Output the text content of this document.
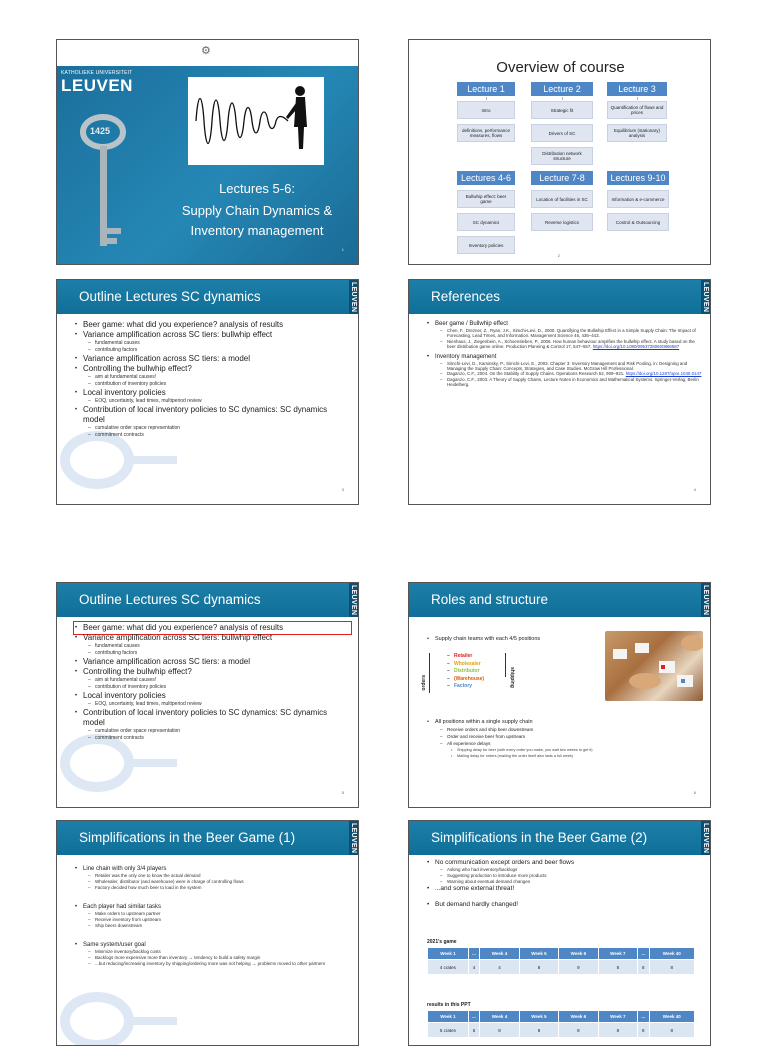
⚙
KATHOLIEKE UNIVERSITEIT
LEUVEN
1425
Lectures 5-6:
Supply Chain Dynamics &
Inventory management
1
Overview of course
Lecture 1	Lecture 2	Lecture 3
Intro
definitions, performance measures, flows
Strategic fit
Drivers of SC
Distribution network structure
Quantification of flows and prices
Equilibrium (stationary) analysis
Lectures 4-6	Lecture 7-8	Lectures 9-10
Bullwhip effect: beer game
SC dynamics
Inventory policies
Location of facilities in SC
Reverse logistics
Information & e-commerce
Control & Outsourcing
2
Outline Lectures SC dynamics	LEUVEN
• Beer game: what did you experience? analysis of results
• Variance amplification across SC tiers: bullwhip effect
– fundamental causes
– contributing factors
• Variance amplification across SC tiers: a model
• Controlling the bullwhip effect?
– aim at fundamental causes!
– contribution of inventory policies
• Local inventory policies
– EOQ, uncertainty, lead times, multiperiod review
• Contribution of local inventory policies to SC dynamics: SC dynamics model
– cumulative order space representation
– commitment contracts
3
References	LEUVEN
• Beer game / Bullwhip effect
– Chen, F., Drezner, Z., Ryan, J.K., Simchi-Levi, D., 2000. Quantifying the Bullwhip Effect in a Simple Supply Chain: The Impact of Forecasting, Lead Times, and Information. Management Science 46, 436–443.
– Nienhaus, J., Ziegenbein, A., Schoensleben, P., 2006. How human behaviour amplifies the bullwhip effect. A study based on the beer distribution game online. Production Planning & Control 17, 547–557. https://doi.org/10.1080/09537280600866587
• Inventory management
– Simchi-Levi, D., Kaminsky, P., Simchi-Levi, E., 2003. Chapter 3: Inventory Management and Risk Pooling, in: Designing and Managing the Supply Chain: Concepts, Strategies, and Case Studies. McGraw Hill Professional.
– Daganzo, C.F., 2004. On the Stability of Supply Chains. Operations Research 52, 909–921. https://doi.org/10.1287/opre.1040.0147
– Daganzo, C.F., 2003. A Theory of Supply Chains, Lecture Notes in Economics and Mathematical Systems. Springer-Verlag, Berlin Heidelberg.
4
Outline Lectures SC dynamics	LEUVEN
• Beer game: what did you experience? analysis of results
• Variance amplification across SC tiers: bullwhip effect
– fundamental causes
– contributing factors
• Variance amplification across SC tiers: a model
• Controlling the bullwhip effect?
– aim at fundamental causes!
– contribution of inventory policies
• Local inventory policies
– EOQ, uncertainty, lead times, multiperiod review
• Contribution of local inventory policies to SC dynamics: SC dynamics model
– cumulative order space representation
– commitment contracts
5
Roles and structure	LEUVEN
• Supply chain teams with each 4/5 positions
orders
– Retailer
– Wholesaler
– Distributor
– (Warehouse)
– Factory	shipping
• All positions within a single supply chain
– Receive orders and ship beer downstream
– Order and receive beer from upstream
– All experience delays
• Shipping delay for beer (with every order you make, you wait two weeks to get it)
• Mailing delay for orders (mailing the order itself also lasts a full week)
6
Simplifications in the Beer Game (1)	LEUVEN
• Line chain with only 3/4 players
– Retailer was the only one to know the actual demand
– Wholesaler, distributor (and warehouse) were in charge of controlling flows
– Factory decided how much beer to load in the system
• Each player had similar tasks
– Make orders to upstream partner
– Receive inventory from upstream
– Ship beers downstream
• Same system/user goal
– Minimize inventory/backlog costs
– Backlogs more expensive more than inventory → tendency to build a safety margin
– ...but reducing/increasing inventory by shipping/ordering more was not helping → problems moved to other partners
Simplifications in the Beer Game (2)	LEUVEN
• No communication except orders and beer flows
– Asking who had inventory/backlogs
– Suggesting production to introduce more products
– Warning about eventual demand changes
• ...and some external threat!
• But demand hardly changed!
2021's game
Week 1	...	Week 4	Week 5	Week 6	Week 7	...	Week 40
4 crates	4	4	8	9	8	8	8
results in this PPT
Week 1	...	Week 4	Week 5	Week 6	Week 7	...	Week 40
5 crates	5	8	8	8	8	8	8
